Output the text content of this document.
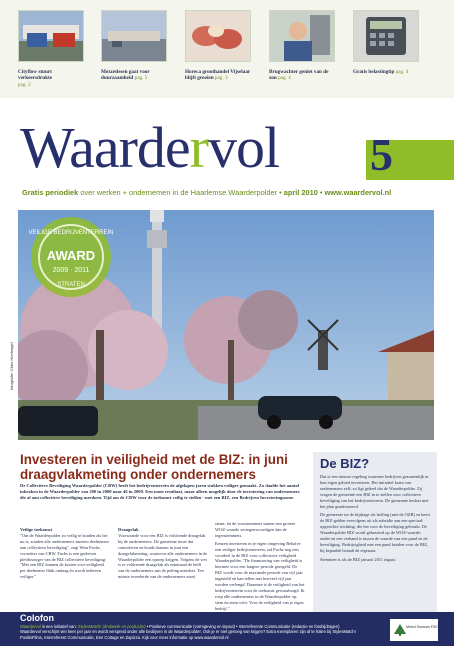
Cityflow stuurt verkeersdrukte
pag. 2
Mezzetissen gaat voor duurzaamheid pag. 5
Horeca groothandel Vijselaar blijft groeien pag. 3
Brugwachter geniet van de zon pag. 4
Gratis belastingtip pag. 4
Waardervol 5
Gratis periodiek over werken + ondernemen in de Haarlemse Waarderpolder • april 2010 • www.waardervol.nl
VEILIGE BEDRIJVENTERREIN
AWARD
2009 · 2011
STRATEN
fotografie: Chris Hoefnagel
Investeren in veiligheid met de BIZ: in juni draagvlakmeting onder ondernemers
De Collectieve Beveiliging Waarderpolder (CBW) heeft het bedrijventerrein de afgelopen jaren stukken veiliger gemaakt. Zo daalde het aantal inbraken in de Waarderpolder van 200 in 2000 naar 46 in 2009. Een mooi resultaat, maar alleen mogelijk door de investering van ondernemers die al aan collectieve beveiliging meedoen. Tijd om de CBW voor de toekomst veilig te stellen - met een BIZ, een Bedrijven Investeringszone.
Veilige toekomst

"Om de Waarderpolder zo veilig te houden als het nu is, zouden alle ondernemers moeten deelnemen aan collectieve beveiliging", zegt Wim Fuchs, voorzitter van CBW. Fuchs is een gedreven pleitbezorger van de BIZ collectieve beveiliging: "Met een BIZ kunnen de kosten voor veiligheid per deelnemer flink omlaag én wordt iedereen veiliger."

Draagvlak

Voorwaarde voor een BIZ is voldoende draagvlak bij de ondernemers. De gemeente moet dat controleren en houdt daarom in juni een draagvlakmeting, waarvoor alle ondernemers in de Waarderpolder een oproep krijgen. Volgens de wet is er voldoende draagvlak als minimaal de helft van de ondernemers aan de peiling meedoet. Ten minste tweederde van de ondernemers moet

stemt; én de voorstemmers samen een grotere WOZ-waarde vertegenwoordigen dan de tegenstemmers.

Eenzen investeren in je eigen omgeving Behalve een veiliger bedrijventerrein, zal Fuchs nog een voordeel in de BIZ voor collectieve veiligheid Waarderpolder. "De financiering van veiligheid is hiermee voor een langere periode geregeld. De BIZ wordt voor de maximale periode van vijf jaar ingesteld en kan tellen met hoeveel vijf jaar worden verlengd. Daarmee is de veiligheid van het bedrijventerrein voor de toekomst gewaarborgd. Ik roep alle ondernemers in de Waarderpolder op: stem én stem vóór. Voor de veiligheid van je eigen bedrijf."

De BIZ?

Dat is een nieuwe regeling waarmee bedrijven gezamenlijk in hun eigen gebied investeren. Het initiatief komt van ondernemers zelf; zo ligt geheel dat de Waarderpolder. Zij vragen de gemeente een BIZ in te stellen voor collectieve beveiliging van het bedrijventerrein. De gemeente besluit met het plan geadresseerd.

De gemeente int de bijdrage als heffing (met de OZB) en keert de BIZ-gelden vervolgens uit als subsidie aan een speciaal opgerichte stichting, die het voor de beveiliging gebruikt. De Waarderpolder BIZ wordt gebaseerd op de WOZ-waarde; onder en een verband is tussen de waarde van een pand en de beveiliging. Bedrijvigheid met een pand betalen voor de BIZ, bij bepaalde betaalt de eigenaar.

Stemmen is als de BIZ januari 2011 ingaat.

Colofon
Waardervol is een initiatief van: StylesMatch! (drukwerk en productie) • Positieve communicatie (vormgeving en layout) • Interreferente Communicatie (redactie en fotobijdragen)
Waardervol verschijnt vier keer per jaar en wordt verspreid onder alle bedrijven in de Waarderpolder. Ook je er niet genoeg van krijgen? Extra exemplaren zijn af te halen bij StylesMatch!
PositivFilms, Interreferent Communicatie, Een Cottage en Zapizza. Kijk voor meer informatie op www.waardervol.nl
Mixed Sources FSC
